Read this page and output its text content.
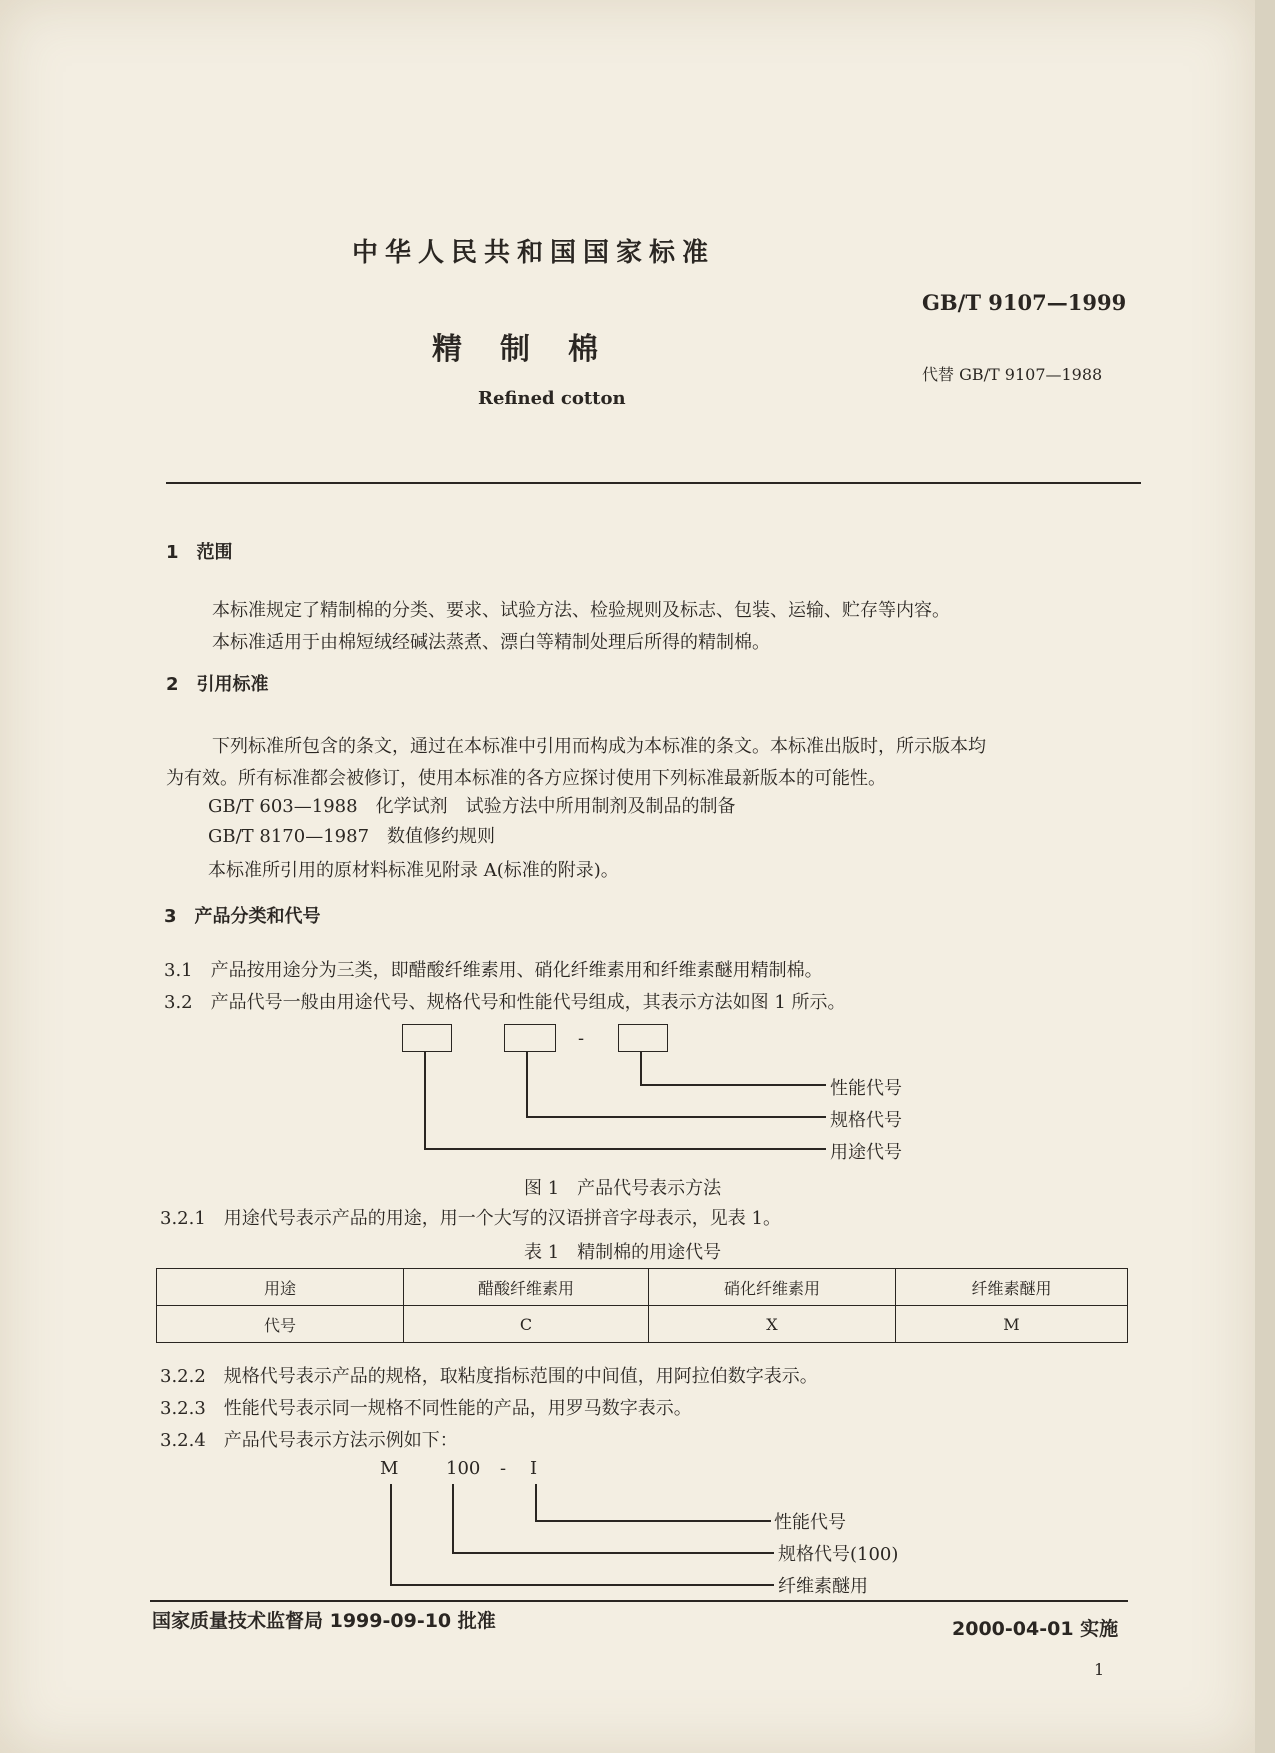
中华人民共和国国家标准
GB/T 9107—1999
精制棉
代替 GB/T 9107—1988
Refined cotton
1　范围
本标准规定了精制棉的分类、要求、试验方法、检验规则及标志、包装、运输、贮存等内容。
本标准适用于由棉短绒经碱法蒸煮、漂白等精制处理后所得的精制棉。
2　引用标准
下列标准所包含的条文，通过在本标准中引用而构成为本标准的条文。本标准出版时，所示版本均
为有效。所有标准都会被修订，使用本标准的各方应探讨使用下列标准最新版本的可能性。
GB/T 603—1988　化学试剂　试验方法中所用制剂及制品的制备
GB/T 8170—1987　数值修约规则
本标准所引用的原材料标准见附录 A(标准的附录)。
3　产品分类和代号
3.1　产品按用途分为三类，即醋酸纤维素用、硝化纤维素用和纤维素醚用精制棉。
3.2　产品代号一般由用途代号、规格代号和性能代号组成，其表示方法如图 1 所示。
-
性能代号
规格代号
用途代号
图 1　产品代号表示方法
3.2.1　用途代号表示产品的用途，用一个大写的汉语拼音字母表示，见表 1。
表 1　精制棉的用途代号
用途	醋酸纤维素用	硝化纤维素用	纤维素醚用
代号	C	X	M
3.2.2　规格代号表示产品的规格，取粘度指标范围的中间值，用阿拉伯数字表示。
3.2.3　性能代号表示同一规格不同性能的产品，用罗马数字表示。
3.2.4　产品代号表示方法示例如下：
M	100 - I
性能代号
规格代号(100)
纤维素醚用
国家质量技术监督局 1999-09-10 批准	2000-04-01 实施
1
